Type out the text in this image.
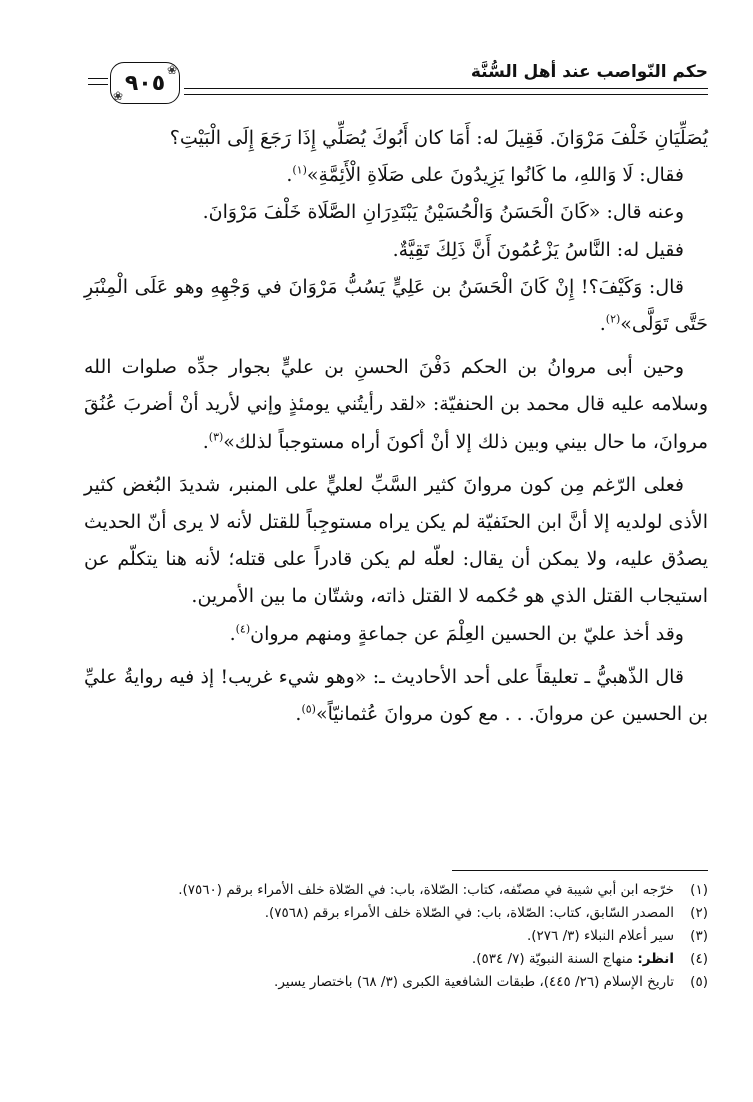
❀
٩٠٥
❀
حكم النّواصب عند أهل السُّنَّة

يُصَلِّيَانِ خَلْفَ مَرْوَانَ. فَقِيلَ له: أَمَا كان أَبُوكَ يُصَلِّي إِذَا رَجَعَ إِلَى الْبَيْتِ؟

فقال: لَا وَاللهِ، ما كَانُوا يَزِيدُونَ على صَلَاةِ الْأَئِمَّةِ»$^{(١)}$.

وعنه قال: «كَانَ الْحَسَنُ وَالْحُسَيْنُ يَبْتَدِرَانِ الصَّلَاة خَلْفَ مَرْوَانَ.

فقيل له: النَّاسُ يَزْعُمُونَ أَنَّ ذَلِكَ تَقِيَّةٌ.

قال: وَكَيْفَ؟! إِنْ كَانَ الْحَسَنُ بن عَلِيٍّ يَسُبُّ مَرْوَانَ في وَجْهِهِ وهو عَلَى الْمِنْبَرِ حَتَّى تَوَلَّى»$^{(٢)}$.

وحين أبى مروانُ بن الحكم دَفْنَ الحسنِ بن عليٍّ بجوار جدِّه صلوات الله وسلامه عليه قال محمد بن الحنفيّة: «لقد رأيتُني يومئذٍ وإني لأريد أنْ أضربَ عُنُقَ مروانَ، ما حال بيني وبين ذلك إلا أنْ أكونَ أراه مستوجباً لذلك»$^{(٣)}$.

فعلى الرّغم مِن كون مروانَ كثير السَّبِّ لعليٍّ على المنبر، شديدَ البُغض كثير الأذى لولديه إلا أنَّ ابن الحنَفيّة لم يكن يراه مستوجِباً للقتل لأنه لا يرى أنّ الحديث يصدُق عليه، ولا يمكن أن يقال: لعلّه لم يكن قادراً على قتله؛ لأنه هنا يتكلّم عن استيجاب القتل الذي هو حُكمه لا القتل ذاته، وشتّان ما بين الأمرين.

وقد أخذ عليّ بن الحسين العِلْمَ عن جماعةٍ ومنهم مروان$^{(٤)}$.

قال الذّهبيُّ ـ تعليقاً على أحد الأحاديث ـ: «وهو شيء غريب! إذ فيه روايةُ عليِّ بن الحسين عن مروانَ. . . مع كون مروانَ عُثمانيّاً»$^{(٥)}$.

(١)
خرّجه ابن أبي شيبة في مصنّفه، كتاب: الصّلاة، باب: في الصّلاة خلف الأمراء برقم (٧٥٦٠).
(٢)
المصدر السّابق، كتاب: الصّلاة، باب: في الصّلاة خلف الأمراء برقم (٧٥٦٨).
(٣)
سير أعلام النبلاء (٣/ ٢٧٦).
(٤)
انظر: منهاج السنة النبويّة (٧/ ٥٣٤).
(٥)
تاريخ الإسلام (٢٦/ ٤٤٥)، طبقات الشافعية الكبرى (٣/ ٦٨) باختصار يسير.
